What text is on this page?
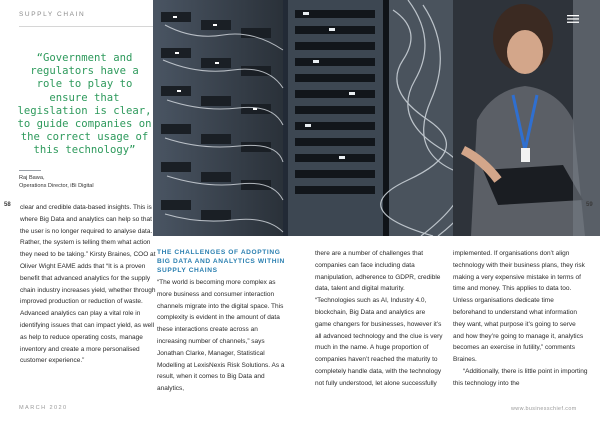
SUPPLY CHAIN
“Government and regulators have a role to play to ensure that legislation is clear, to guide companies on the correct usage of this technology”
Raj Bawa,
Operations Director, iBi Digital
58	59

clear and credible data-based insights. This is where Big Data and analytics can help so that the user is no longer required to analyse data. Rather, the system is telling them what action they need to be taking.” Kirsty Braines, COO at Oliver Wight EAME adds that “It is a proven benefit that advanced analytics for the supply chain industry increases yield, whether through improved production or reduction of waste. Advanced analytics can play a vital role in identifying issues that can impact yield, as well as help to reduce operating costs, manage inventory and create a more personalised customer experience.”

THE CHALLENGES OF ADOPTING BIG DATA AND ANALYTICS WITHIN SUPPLY CHAINS

“The world is becoming more complex as more business and consumer interaction channels migrate into the digital space. This complexity is evident in the amount of data these interactions create across an increasing number of channels,” says Jonathan Clarke, Manager, Statistical Modelling at LexisNexis Risk Solutions. As a result, when it comes to Big Data and analytics,

there are a number of challenges that companies can face including data manipulation, adherence to GDPR, credible data, talent and digital maturity.

“Technologies such as AI, Industry 4.0, blockchain, Big Data and analytics are game changers for businesses, however it’s all advanced technology and the clue is very much in the name. A huge proportion of companies haven’t reached the maturity to completely handle data, with the technology not fully understood, let alone successfully

implemented. If organisations don’t align technology with their business plans, they risk making a very expensive mistake in terms of time and money. This applies to data too. Unless organisations dedicate time beforehand to understand what information they want, what purpose it’s going to serve and how they’re going to manage it, analytics becomes an exercise in futility,” comments Braines.

“Additionally, there is little point in importing this technology into the

MARCH 2020	www.businesschief.com
